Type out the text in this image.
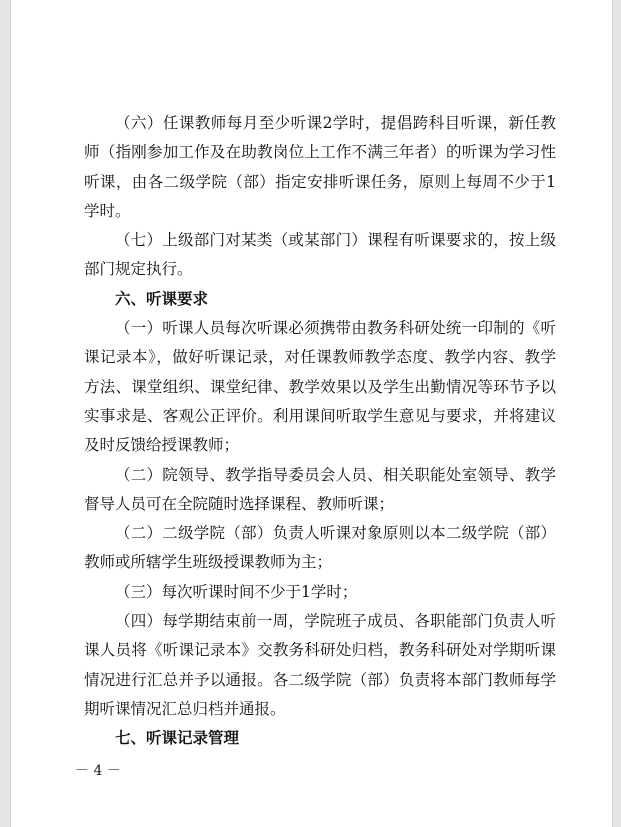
（六）任课教师每月至少听课2学时，提倡跨科目听课，新任教师（指刚参加工作及在助教岗位上工作不满三年者）的听课为学习性听课，由各二级学院（部）指定安排听课任务，原则上每周不少于1学时。

（七）上级部门对某类（或某部门）课程有听课要求的，按上级部门规定执行。

六、听课要求

（一）听课人员每次听课必须携带由教务科研处统一印制的《听课记录本》，做好听课记录，对任课教师教学态度、教学内容、教学方法、课堂组织、课堂纪律、教学效果以及学生出勤情况等环节予以实事求是、客观公正评价。利用课间听取学生意见与要求，并将建议及时反馈给授课教师；

（二）院领导、教学指导委员会人员、相关职能处室领导、教学督导人员可在全院随时选择课程、教师听课；

（二）二级学院（部）负责人听课对象原则以本二级学院（部）教师或所辖学生班级授课教师为主；

（三）每次听课时间不少于1学时；

（四）每学期结束前一周，学院班子成员、各职能部门负责人听课人员将《听课记录本》交教务科研处归档，教务科研处对学期听课情况进行汇总并予以通报。各二级学院（部）负责将本部门教师每学期听课情况汇总归档并通报。

七、听课记录管理
－ 4 －
